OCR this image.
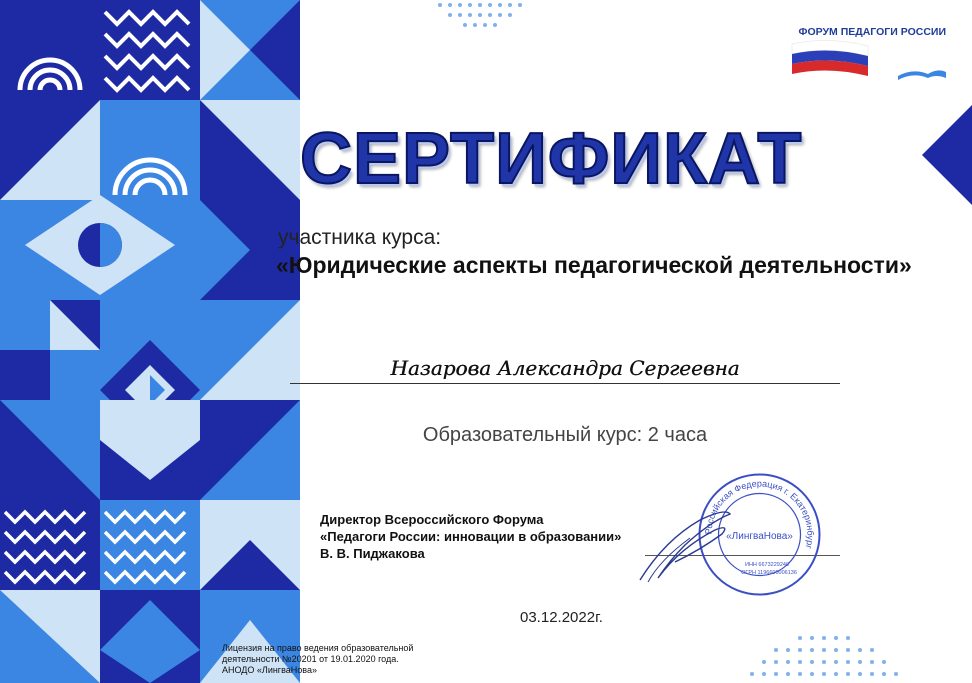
ФОРУМ ПЕДАГОГИ РОССИИ
СЕРТИФИКАТ
участника курса:
«Юридические аспекты педагогической деятельности»
Назарова Александра Сергеевна
Образовательный курс: 2 часа
Директор Всероссийского Форума
«Педагоги России: инновации в образовании»
В. В. Пиджакова
Российская Федерация г. Екатеринбург
«ЛингваНова»
ИНН 6673229240
ОГРН 1196600006136
03.12.2022г.
Лицензия на право ведения образовательной
деятельности №20201 от 19.01.2020 года.
АНОДО «ЛингваНова»
